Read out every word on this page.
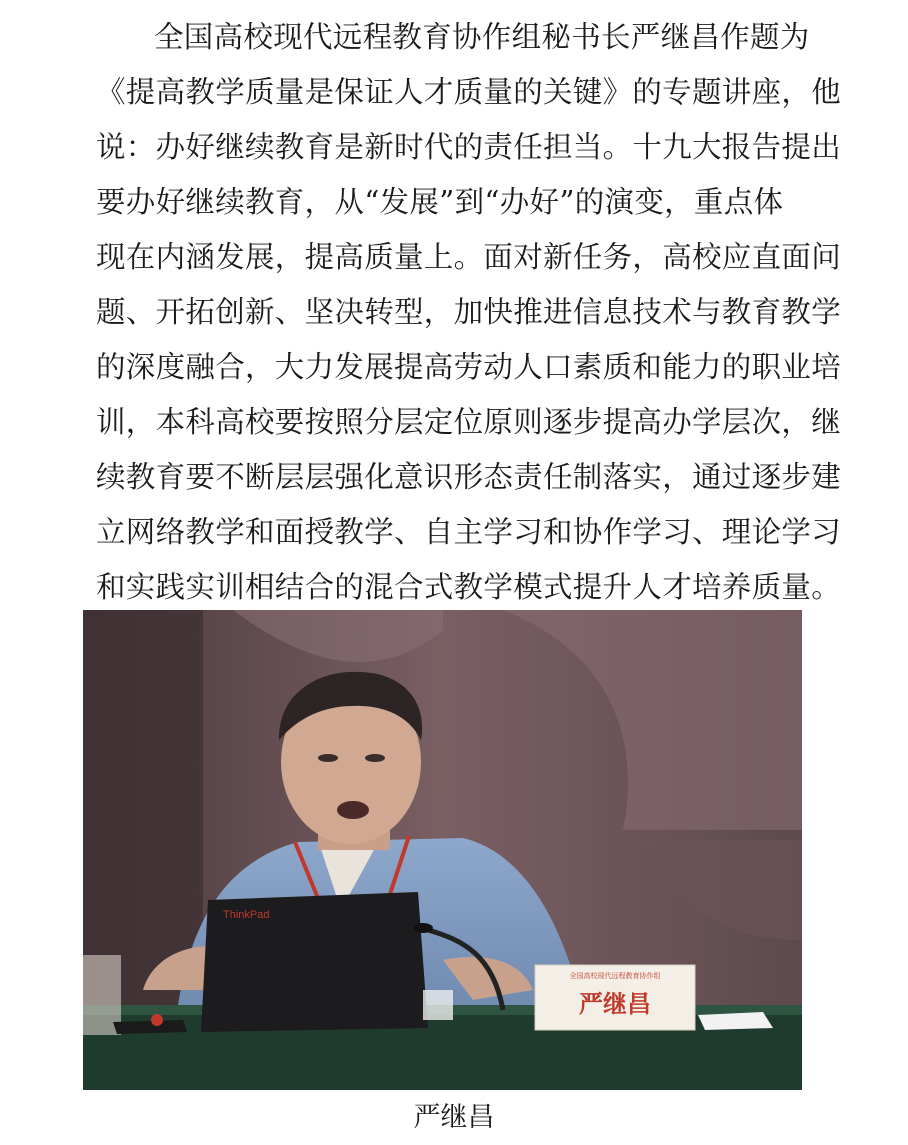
全国高校现代远程教育协作组秘书长严继昌作题为
《提高教学质量是保证人才质量的关键》的专题讲座，他
说：办好继续教育是新时代的责任担当。十九大报告提出
要办好继续教育，从“发展”到“办好”的演变，重点体
现在内涵发展，提高质量上。面对新任务，高校应直面问
题、开拓创新、坚决转型，加快推进信息技术与教育教学
的深度融合，大力发展提高劳动人口素质和能力的职业培
训，本科高校要按照分层定位原则逐步提高办学层次，继
续教育要不断层层强化意识形态责任制落实，通过逐步建
立网络教学和面授教学、自主学习和协作学习、理论学习
和实践实训相结合的混合式教学模式提升人才培养质量。
ThinkPad
全国高校现代远程教育协作组
严继昌
严继昌
